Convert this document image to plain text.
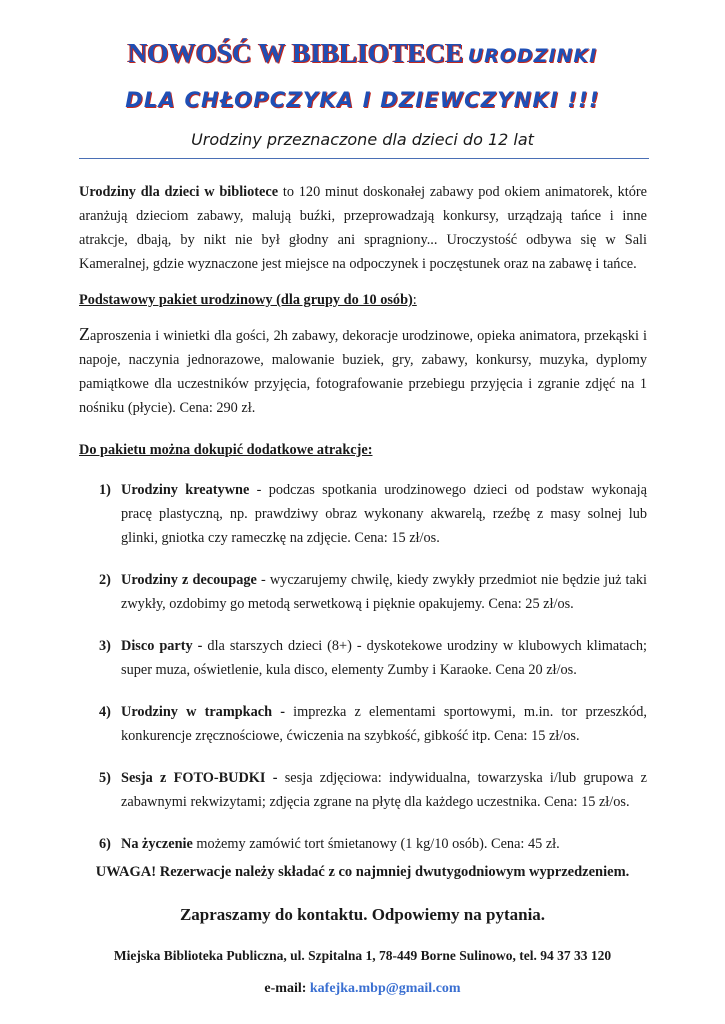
NOWOŚĆ W BIBLIOTECE URODZINKI
DLA CHŁOPCZYKA I DZIEWCZYNKI !!!
Urodziny przeznaczone dla dzieci do 12 lat

Urodziny dla dzieci w bibliotece to 120 minut doskonałej zabawy pod okiem animatorek, które aranżują dzieciom zabawy, malują buźki, przeprowadzają konkursy, urządzają tańce i inne atrakcje, dbają, by nikt nie był głodny ani spragniony... Uroczystość odbywa się w Sali Kameralnej, gdzie wyznaczone jest miejsce na odpoczynek i poczęstunek oraz na zabawę i tańce.

Podstawowy pakiet urodzinowy (dla grupy do 10 osób):

Zaproszenia i winietki dla gości, 2h zabawy, dekoracje urodzinowe, opieka animatora, przekąski i napoje, naczynia jednorazowe, malowanie buziek, gry, zabawy, konkursy, muzyka, dyplomy pamiątkowe dla uczestników przyjęcia, fotografowanie przebiegu przyjęcia i zgranie zdjęć na 1 nośniku (płycie). Cena: 290 zł.

Do pakietu można dokupić dodatkowe atrakcje:

1) Urodziny kreatywne - podczas spotkania urodzinowego dzieci od podstaw wykonają pracę plastyczną, np. prawdziwy obraz wykonany akwarelą, rzeźbę z masy solnej lub glinki, gniotka czy rameczkę na zdjęcie. Cena: 15 zł/os.
2) Urodziny z decoupage - wyczarujemy chwilę, kiedy zwykły przedmiot nie będzie już taki zwykły, ozdobimy go metodą serwetkową i pięknie opakujemy. Cena: 25 zł/os.
3) Disco party - dla starszych dzieci (8+) - dyskotekowe urodziny w klubowych klimatach; super muza, oświetlenie, kula disco, elementy Zumby i Karaoke. Cena 20 zł/os.
4) Urodziny w trampkach - imprezka z elementami sportowymi, m.in. tor przeszkód, konkurencje zręcznościowe, ćwiczenia na szybkość, gibkość itp. Cena: 15 zł/os.
5) Sesja z FOTO-BUDKI - sesja zdjęciowa: indywidualna, towarzyska i/lub grupowa z zabawnymi rekwizytami; zdjęcia zgrane na płytę dla każdego uczestnika. Cena: 15 zł/os.
6) Na życzenie możemy zamówić tort śmietanowy (1 kg/10 osób). Cena: 45 zł.
UWAGA! Rezerwacje należy składać z co najmniej dwutygodniowym wyprzedzeniem.
Zapraszamy do kontaktu. Odpowiemy na pytania.
Miejska Biblioteka Publiczna, ul. Szpitalna 1, 78-449 Borne Sulinowo, tel. 94 37 33 120
e-mail: kafejka.mbp@gmail.com
